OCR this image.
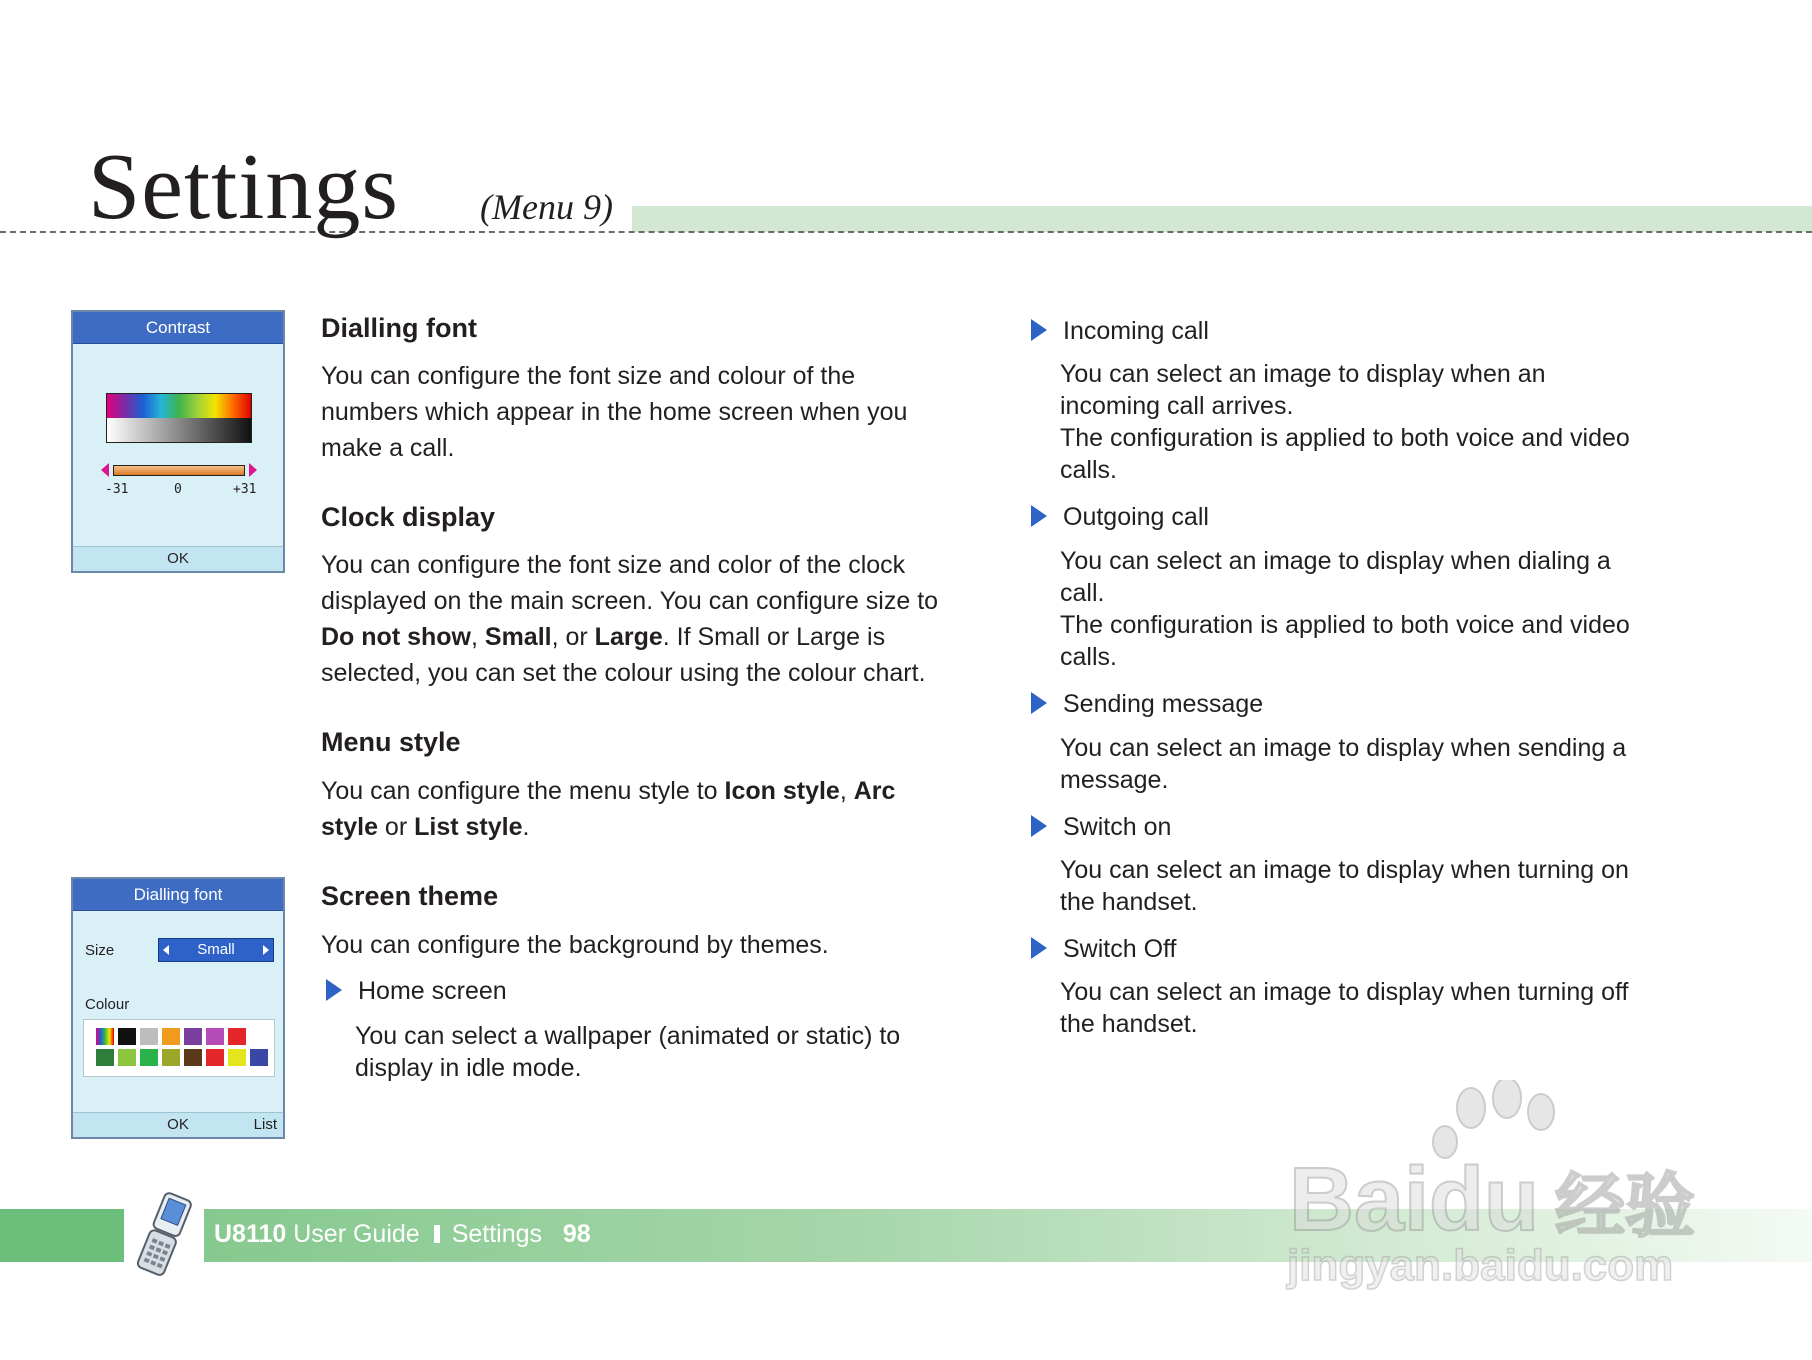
Settings (Menu 9)
Contrast
-31	0	+31
OK
Dialling font
Size	Small
Colour
OK	List
Dialling font
You can configure the font size and colour of the
numbers which appear in the home screen when you
make a call.
Clock display
You can configure the font size and color of the clock
displayed on the main screen. You can configure size to
Do not show, Small, or Large. If Small or Large is
selected, you can set the colour using the colour chart.
Menu style
You can configure the menu style to Icon style, Arc
style or List style.
Screen theme
You can configure the background by themes.
Home screen
You can select a wallpaper (animated or static) to
display in idle mode.
Incoming call
You can select an image to display when an
incoming call arrives.
The configuration is applied to both voice and video
calls.
Outgoing call
You can select an image to display when dialing a
call.
The configuration is applied to both voice and video
calls.
Sending message
You can select an image to display when sending a
message.
Switch on
You can select an image to display when turning on
the handset.
Switch Off
You can select an image to display when turning off
the handset.
U8110 User Guide Settings 98	Baidu 经验
jingyan.baidu.com
